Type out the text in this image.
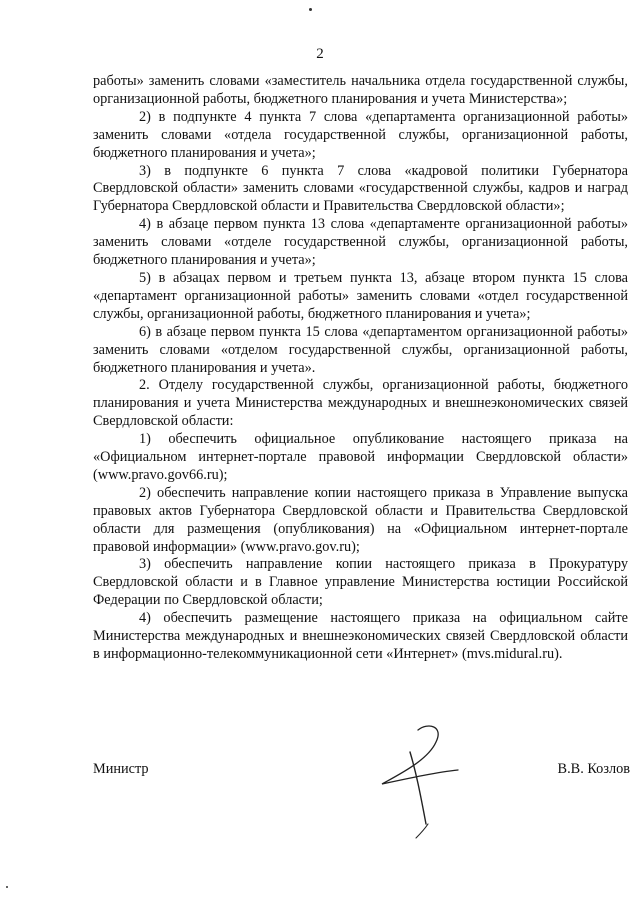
2

работы» заменить словами «заместитель начальника отдела государственной службы, организационной работы, бюджетного планирования и учета Министерства»;

2) в подпункте 4 пункта 7 слова «департамента организационной работы» заменить словами «отдела государственной службы, организационной работы, бюджетного планирования и учета»;

3) в подпункте 6 пункта 7 слова «кадровой политики Губернатора Свердловской области» заменить словами «государственной службы, кадров и наград Губернатора Свердловской области и Правительства Свердловской области»;

4) в абзаце первом пункта 13 слова «департаменте организационной работы» заменить словами «отделе государственной службы, организационной работы, бюджетного планирования и учета»;

5) в абзацах первом и третьем пункта 13, абзаце втором пункта 15 слова «департамент организационной работы» заменить словами «отдел государственной службы, организационной работы, бюджетного планирования и учета»;

6) в абзаце первом пункта 15 слова «департаментом организационной работы» заменить словами «отделом государственной службы, организационной работы, бюджетного планирования и учета».

2. Отделу государственной службы, организационной работы, бюджетного планирования и учета Министерства международных и внешнеэкономических связей Свердловской области:

1) обеспечить официальное опубликование настоящего приказа на «Официальном интернет-портале правовой информации Свердловской области» (www.pravo.gov66.ru);

2) обеспечить направление копии настоящего приказа в Управление выпуска правовых актов Губернатора Свердловской области и Правительства Свердловской области для размещения (опубликования) на «Официальном интернет-портале правовой информации» (www.pravo.gov.ru);

3) обеспечить направление копии настоящего приказа в Прокуратуру Свердловской области и в Главное управление Министерства юстиции Российской Федерации по Свердловской области;

4) обеспечить размещение настоящего приказа на официальном сайте Министерства международных и внешнеэкономических связей Свердловской области в информационно-телекоммуникационной сети «Интернет» (mvs.midural.ru).

Министр	В.В. Козлов
